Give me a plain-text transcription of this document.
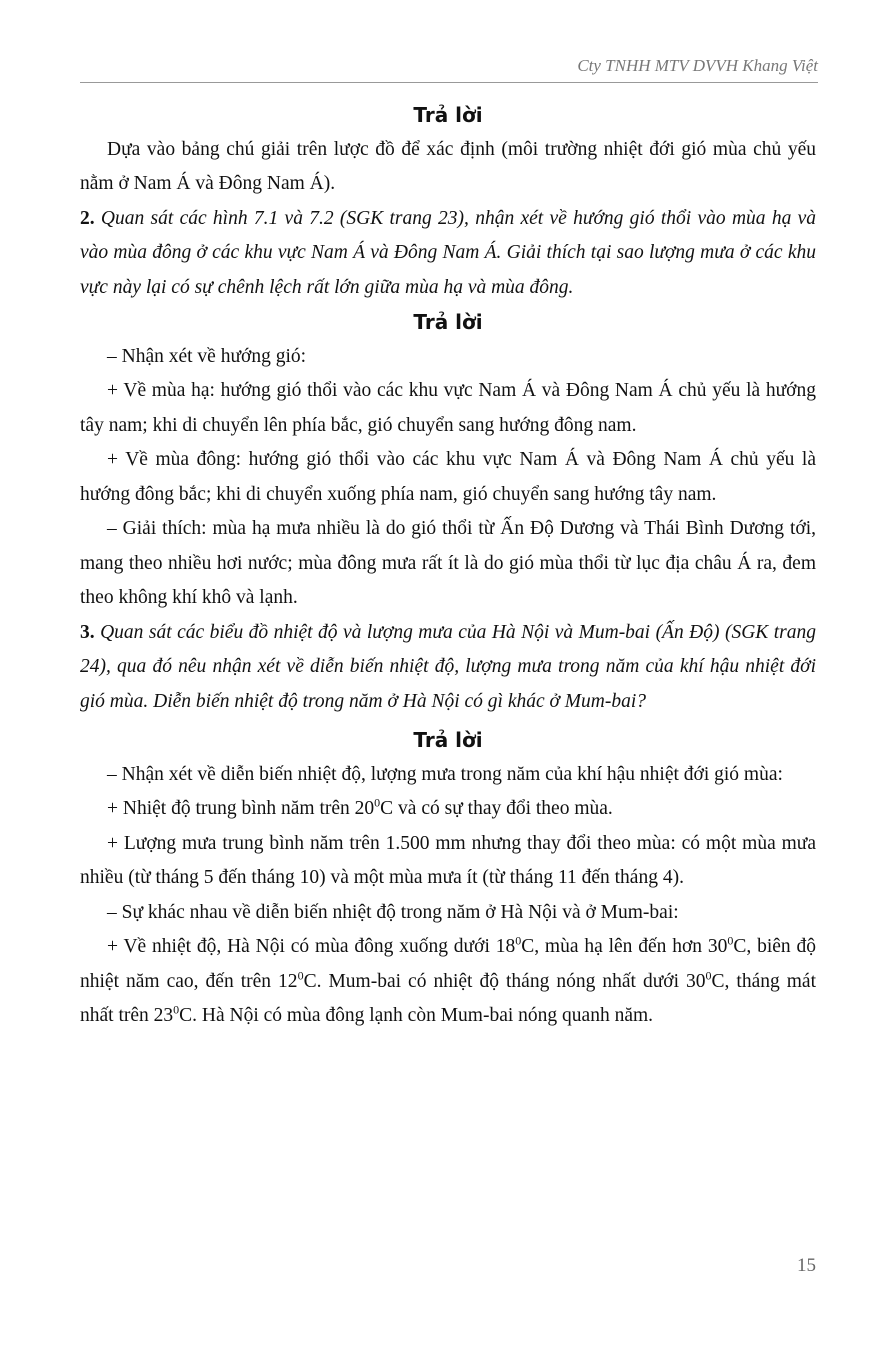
Cty TNHH MTV DVVH Khang Việt

Trả lời

Dựa vào bảng chú giải trên lược đồ để xác định (môi trường nhiệt đới gió mùa chủ yếu nằm ở Nam Á và Đông Nam Á).

2. Quan sát các hình 7.1 và 7.2 (SGK trang 23), nhận xét về hướng gió thổi vào mùa hạ và vào mùa đông ở các khu vực Nam Á và Đông Nam Á. Giải thích tại sao lượng mưa ở các khu vực này lại có sự chênh lệch rất lớn giữa mùa hạ và mùa đông.

Trả lời

– Nhận xét về hướng gió:

+ Về mùa hạ: hướng gió thổi vào các khu vực Nam Á và Đông Nam Á chủ yếu là hướng tây nam; khi di chuyển lên phía bắc, gió chuyển sang hướng đông nam.

+ Về mùa đông: hướng gió thổi vào các khu vực Nam Á và Đông Nam Á chủ yếu là hướng đông bắc; khi di chuyển xuống phía nam, gió chuyển sang hướng tây nam.

– Giải thích: mùa hạ mưa nhiều là do gió thổi từ Ấn Độ Dương và Thái Bình Dương tới, mang theo nhiều hơi nước; mùa đông mưa rất ít là do gió mùa thổi từ lục địa châu Á ra, đem theo không khí khô và lạnh.

3. Quan sát các biểu đồ nhiệt độ và lượng mưa của Hà Nội và Mum-bai (Ấn Độ) (SGK trang 24), qua đó nêu nhận xét về diễn biến nhiệt độ, lượng mưa trong năm của khí hậu nhiệt đới gió mùa. Diễn biến nhiệt độ trong năm ở Hà Nội có gì khác ở Mum-bai?

Trả lời

– Nhận xét về diễn biến nhiệt độ, lượng mưa trong năm của khí hậu nhiệt đới gió mùa:

+ Nhiệt độ trung bình năm trên $20^0C$ và có sự thay đổi theo mùa.

+ Lượng mưa trung bình năm trên 1.500 mm nhưng thay đổi theo mùa: có một mùa mưa nhiều (từ tháng 5 đến tháng 10) và một mùa mưa ít (từ tháng 11 đến tháng 4).

– Sự khác nhau về diễn biến nhiệt độ trong năm ở Hà Nội và ở Mum-bai:

+ Về nhiệt độ, Hà Nội có mùa đông xuống dưới $18^0C$, mùa hạ lên đến hơn $30^0C$, biên độ nhiệt năm cao, đến trên $12^0C$. Mum-bai có nhiệt độ tháng nóng nhất dưới $30^0C$, tháng mát nhất trên $23^0C$. Hà Nội có mùa đông lạnh còn Mum-bai nóng quanh năm.

15
